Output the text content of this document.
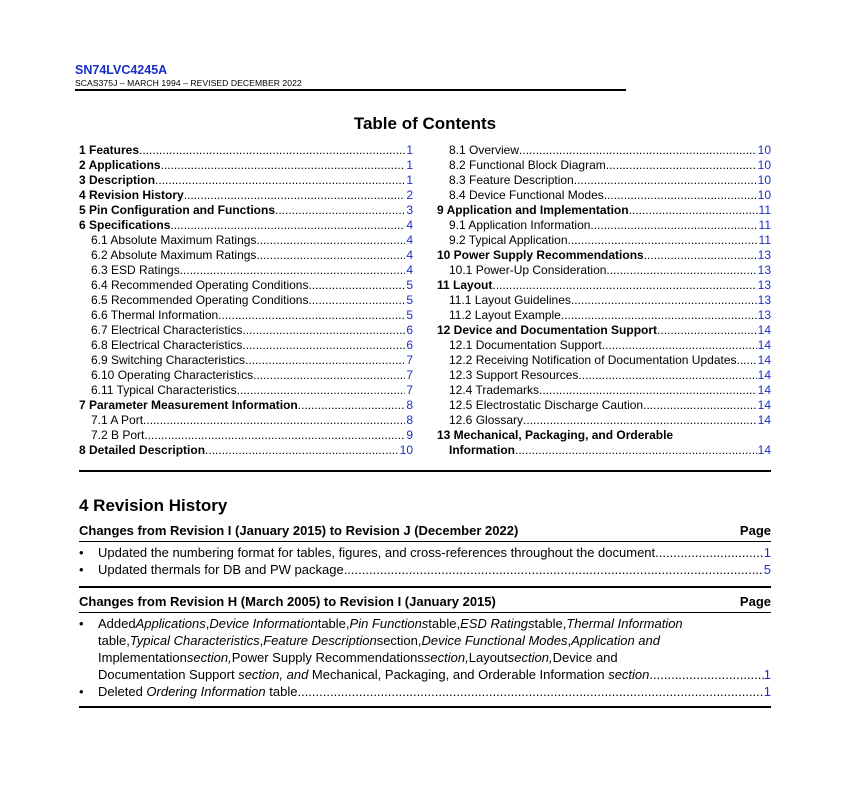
SN74LVC4245A
SCAS375J – MARCH 1994 – REVISED DECEMBER 2022
Table of Contents
1 Features .....	1
2 Applications .....	1
3 Description .....	1
4 Revision History .....	2
5 Pin Configuration and Functions .....	3
6 Specifications .....	4
6.1 Absolute Maximum Ratings .....	4
6.2 Absolute Maximum Ratings .....	4
6.3 ESD Ratings .....	4
6.4 Recommended Operating Conditions .....	5
6.5 Recommended Operating Conditions .....	5
6.6 Thermal Information .....	5
6.7 Electrical Characteristics .....	6
6.8 Electrical Characteristics .....	6
6.9 Switching Characteristics .....	7
6.10 Operating Characteristics .....	7
6.11 Typical Characteristics .....	7
7 Parameter Measurement Information .....	8
7.1 A Port .....	8
7.2 B Port .....	9
8 Detailed Description .....	10
8.1 Overview .....	10
8.2 Functional Block Diagram .....	10
8.3 Feature Description .....	10
8.4 Device Functional Modes .....	10
9 Application and Implementation .....	11
9.1 Application Information .....	11
9.2 Typical Application .....	11
10 Power Supply Recommendations .....	13
10.1 Power-Up Consideration .....	13
11 Layout .....	13
11.1 Layout Guidelines .....	13
11.2 Layout Example .....	13
12 Device and Documentation Support .....	14
12.1 Documentation Support .....	14
12.2 Receiving Notification of Documentation Updates ..... 14
12.3 Support Resources .....	14
12.4 Trademarks .....	14
12.5 Electrostatic Discharge Caution .....	14
12.6 Glossary .....	14
13 Mechanical, Packaging, and Orderable
Information .....	14
4 Revision History
Changes from Revision I (January 2015) to Revision J (December 2022)	Page
• Updated the numbering format for tables, figures, and cross-references throughout the document .....	1
• Updated thermals for DB and PW package .....	5
Changes from Revision H (March 2005) to Revision I (January 2015)	Page
• Added Applications , Device Information table, Pin Functions table, ESD Ratings table, Thermal Information
table, Typical Characteristics , Feature Description section, Device Functional Modes , Application and
Implementation section, Power Supply Recommendations section, Layout section, Device and
Documentation Support section, and Mechanical, Packaging, and Orderable Information section .....	1
• Deleted Ordering Information table .....	1
